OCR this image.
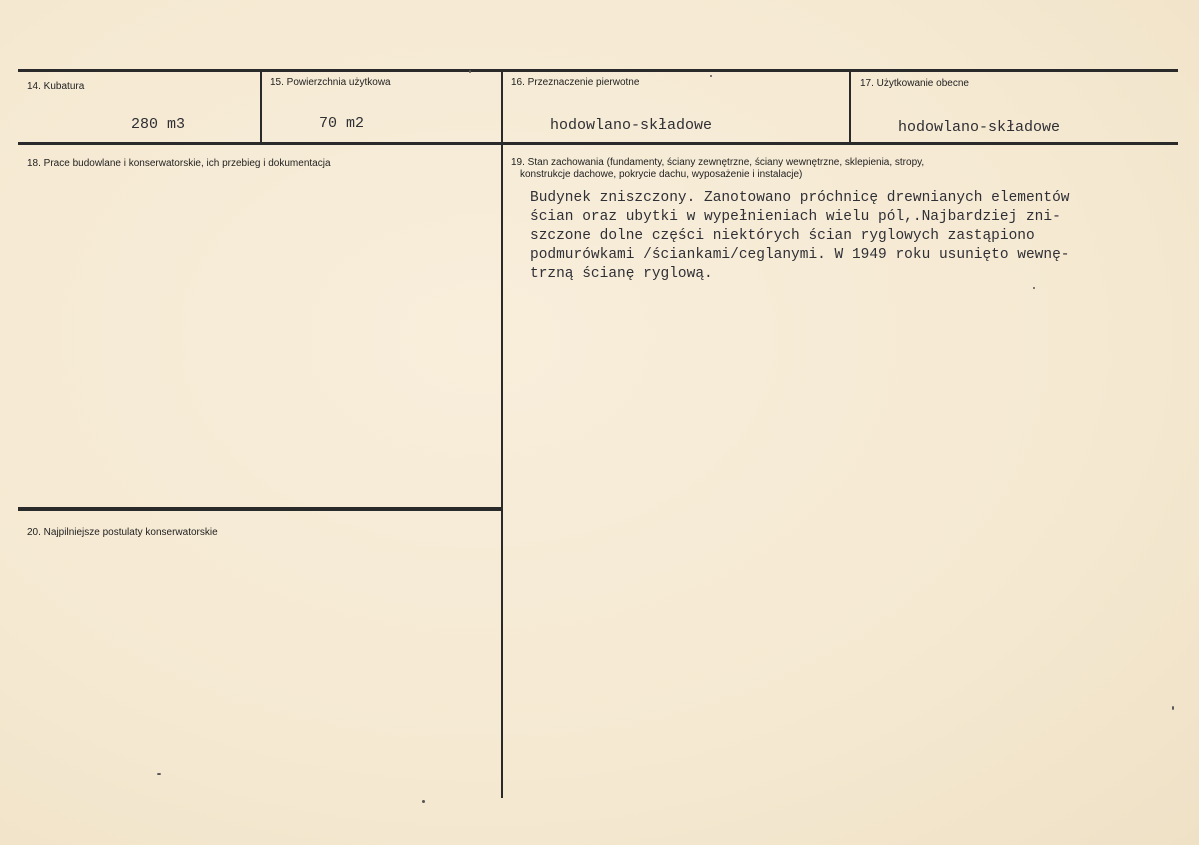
14. Kubatura
280 m3
15. Powierzchnia użytkowa
70 m2
16. Przeznaczenie pierwotne
hodowlano-składowe
17. Użytkowanie obecne
hodowlano-składowe
18. Prace budowlane i konserwatorskie, ich przebieg i dokumentacja	19. Stan zachowania (fundamenty, ściany zewnętrzne, ściany wewnętrzne, sklepienia, stropy,
konstrukcje dachowe, pokrycie dachu, wyposażenie i instalacje)
Budynek zniszczony. Zanotowano próchnicę drewnianych elementów
ścian oraz ubytki w wypełnieniach wielu pól,.Najbardziej zni-
szczone dolne części niektórych ścian ryglowych zastąpiono
podmurówkami /ściankami/ceglanymi. W 1949 roku usunięto wewnę-
trzną ścianę ryglową.
20. Najpilniejsze postulaty konserwatorskie
